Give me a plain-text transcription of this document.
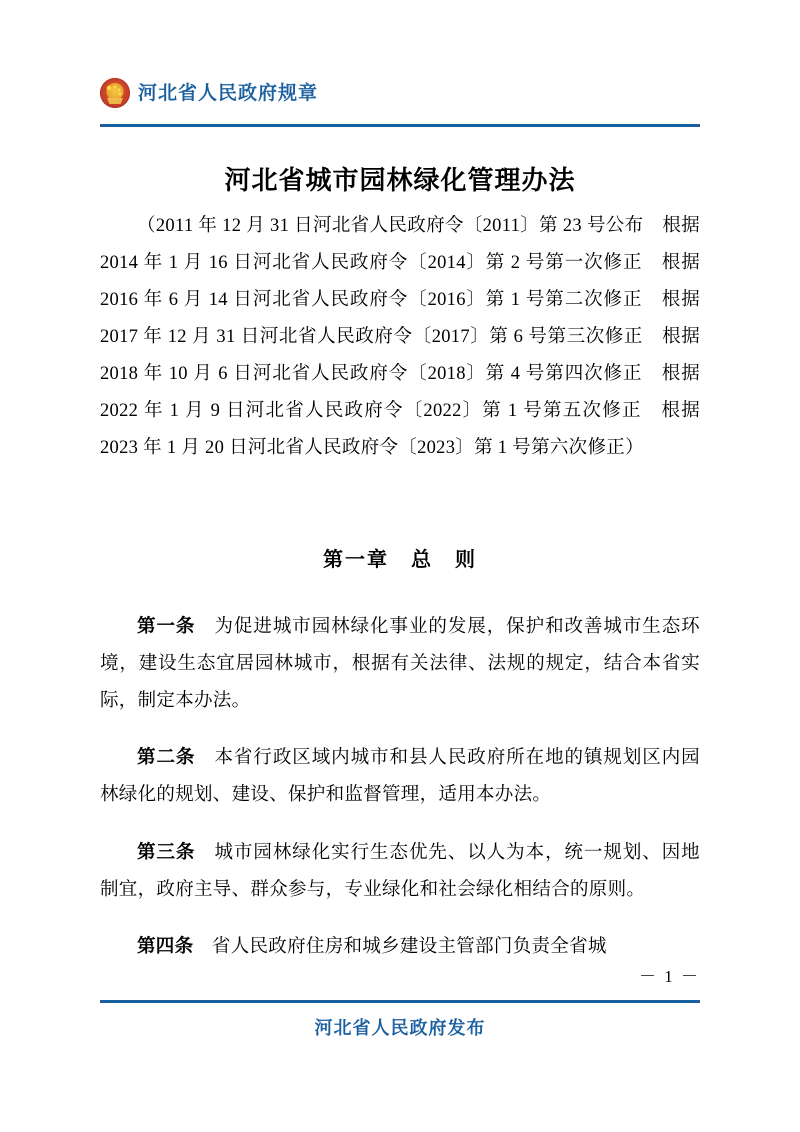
河北省人民政府规章
河北省城市园林绿化管理办法
（2011 年 12 月 31 日河北省人民政府令〔2011〕第 23 号公布　根据 2014 年 1 月 16 日河北省人民政府令〔2014〕第 2 号第一次修正　根据 2016 年 6 月 14 日河北省人民政府令〔2016〕第 1 号第二次修正　根据 2017 年 12 月 31 日河北省人民政府令〔2017〕第 6 号第三次修正　根据 2018 年 10 月 6 日河北省人民政府令〔2018〕第 4 号第四次修正　根据 2022 年 1 月 9 日河北省人民政府令〔2022〕第 1 号第五次修正　根据 2023 年 1 月 20 日河北省人民政府令〔2023〕第 1 号第六次修正）
第一章　总　则

第一条 为促进城市园林绿化事业的发展，保护和改善城市生态环境，建设生态宜居园林城市，根据有关法律、法规的规定，结合本省实际，制定本办法。

第二条 本省行政区域内城市和县人民政府所在地的镇规划区内园林绿化的规划、建设、保护和监督管理，适用本办法。

第三条 城市园林绿化实行生态优先、以人为本，统一规划、因地制宜，政府主导、群众参与，专业绿化和社会绿化相结合的原则。

第四条 省人民政府住房和城乡建设主管部门负责全省城

－ 1 －
河北省人民政府发布
